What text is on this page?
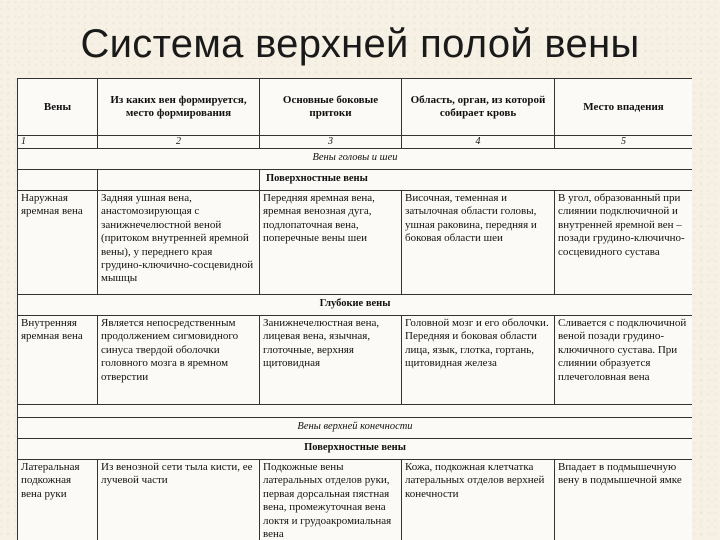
Система верхней полой вены
Вены	Из каких вен формируется, место формирования	Основные боковые притоки	Область, орган, из которой собирает кровь	Место впадения
1	2	3	4	5
Вены головы и шеи				
		Поверхностные вены		
Наружная яремная вена	Задняя ушная вена, анастомозирующая с занижнечелюстной веной (притоком внутренней яремной вены), у переднего края грудино-ключично-сосцевидной мышцы	Передняя яремная вена, яремная венозная дуга, подлопаточная вена, поперечные вены шеи	Височная, теменная и затылочная области головы, ушная раковина, передняя и боковая области шеи	В угол, образованный при слиянии подключичной и внутренней яремной вен – позади грудино-ключично-сосцевидного сустава
Глубокие вены				
Внутренняя яремная вена	Является непосредственным продолжением сигмовидного синуса твердой оболочки головного мозга в яремном отверстии	Занижнечелюстная вена, лицевая вена, язычная, глоточные, верхняя щитовидная	Головной мозг и его оболочки. Передняя и боковая области лица, язык, глотка, гортань, щитовидная железа	Сливается с подключичной веной позади грудино-ключичного сустава. При слиянии образуется плечеголовная вена

Вены верхней конечности				
Поверхностные вены				
Латеральная подкожная вена руки	Из венозной сети тыла кисти, ее лучевой части	Подкожные вены латеральных отделов руки, первая дорсальная пястная вена, промежуточная вена локтя и грудоакромиальная вена	Кожа, подкожная клетчатка латеральных отделов верхней конечности	Впадает в подмышечную вену в подмышечной ямке
